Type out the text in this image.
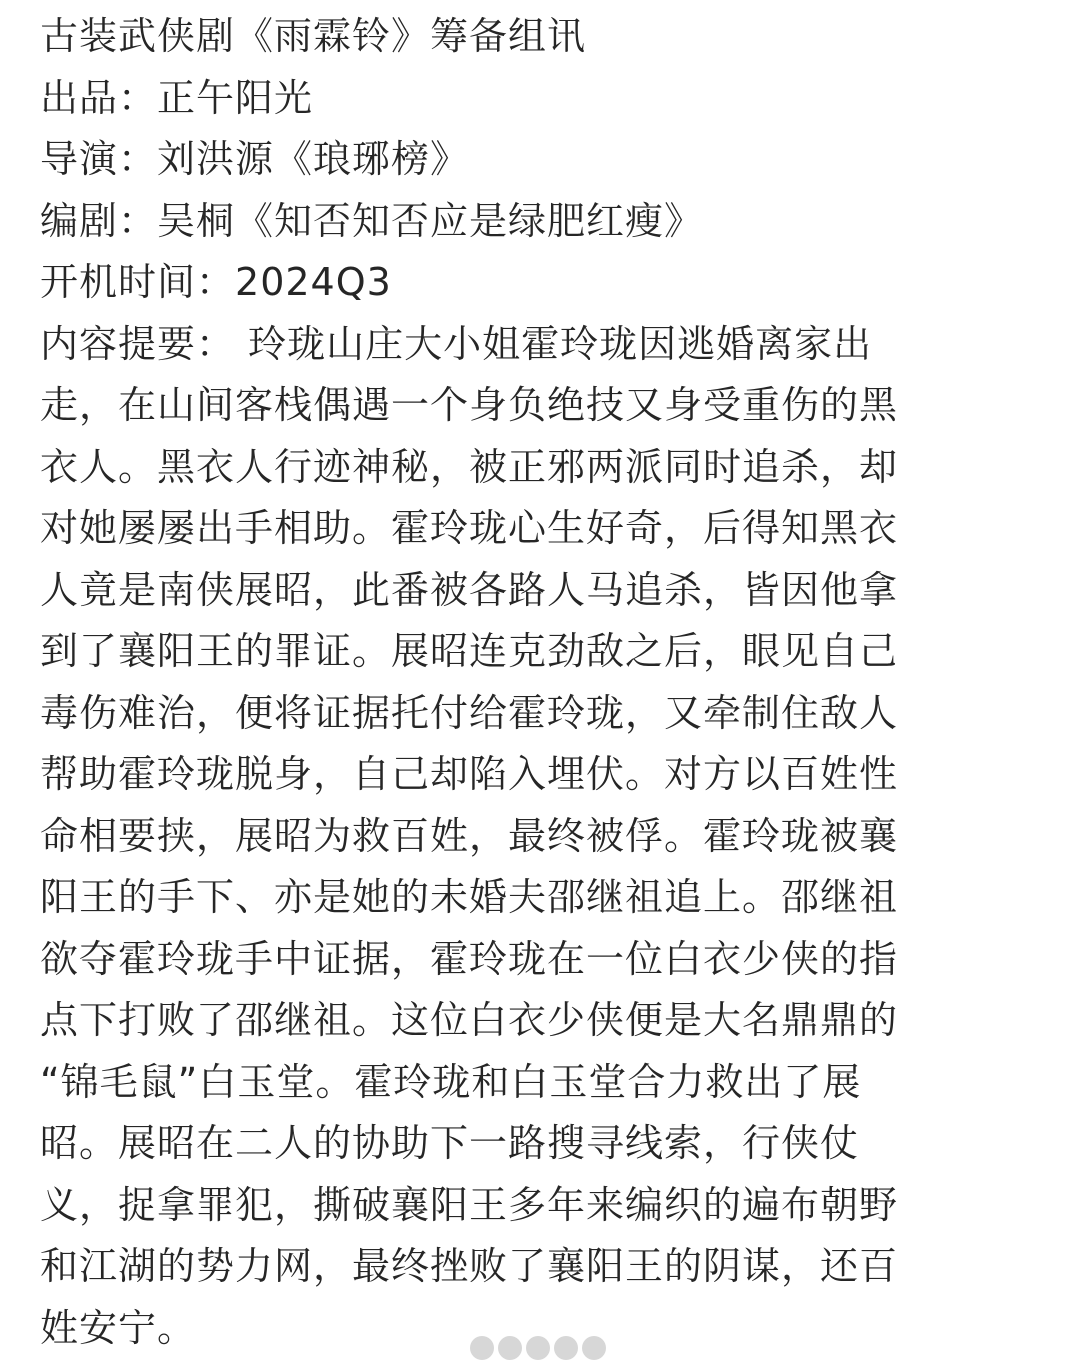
古装武侠剧《雨霖铃》筹备组讯
出品：正午阳光
导演：刘洪源《琅琊榜》
编剧：吴桐《知否知否应是绿肥红瘦》
开机时间：2024Q3
内容提要： 玲珑山庄大小姐霍玲珑因逃婚离家出
走，在山间客栈偶遇一个身负绝技又身受重伤的黑
衣人。黑衣人行迹神秘，被正邪两派同时追杀，却
对她屡屡出手相助。霍玲珑心生好奇，后得知黑衣
人竟是南侠展昭，此番被各路人马追杀，皆因他拿
到了襄阳王的罪证。展昭连克劲敌之后，眼见自己
毒伤难治，便将证据托付给霍玲珑，又牵制住敌人
帮助霍玲珑脱身，自己却陷入埋伏。对方以百姓性
命相要挟，展昭为救百姓，最终被俘。霍玲珑被襄
阳王的手下、亦是她的未婚夫邵继祖追上。邵继祖
欲夺霍玲珑手中证据，霍玲珑在一位白衣少侠的指
点下打败了邵继祖。这位白衣少侠便是大名鼎鼎的
“锦毛鼠”白玉堂。霍玲珑和白玉堂合力救出了展
昭。展昭在二人的协助下一路搜寻线索，行侠仗
义，捉拿罪犯，撕破襄阳王多年来编织的遍布朝野
和江湖的势力网，最终挫败了襄阳王的阴谋，还百
姓安宁。
